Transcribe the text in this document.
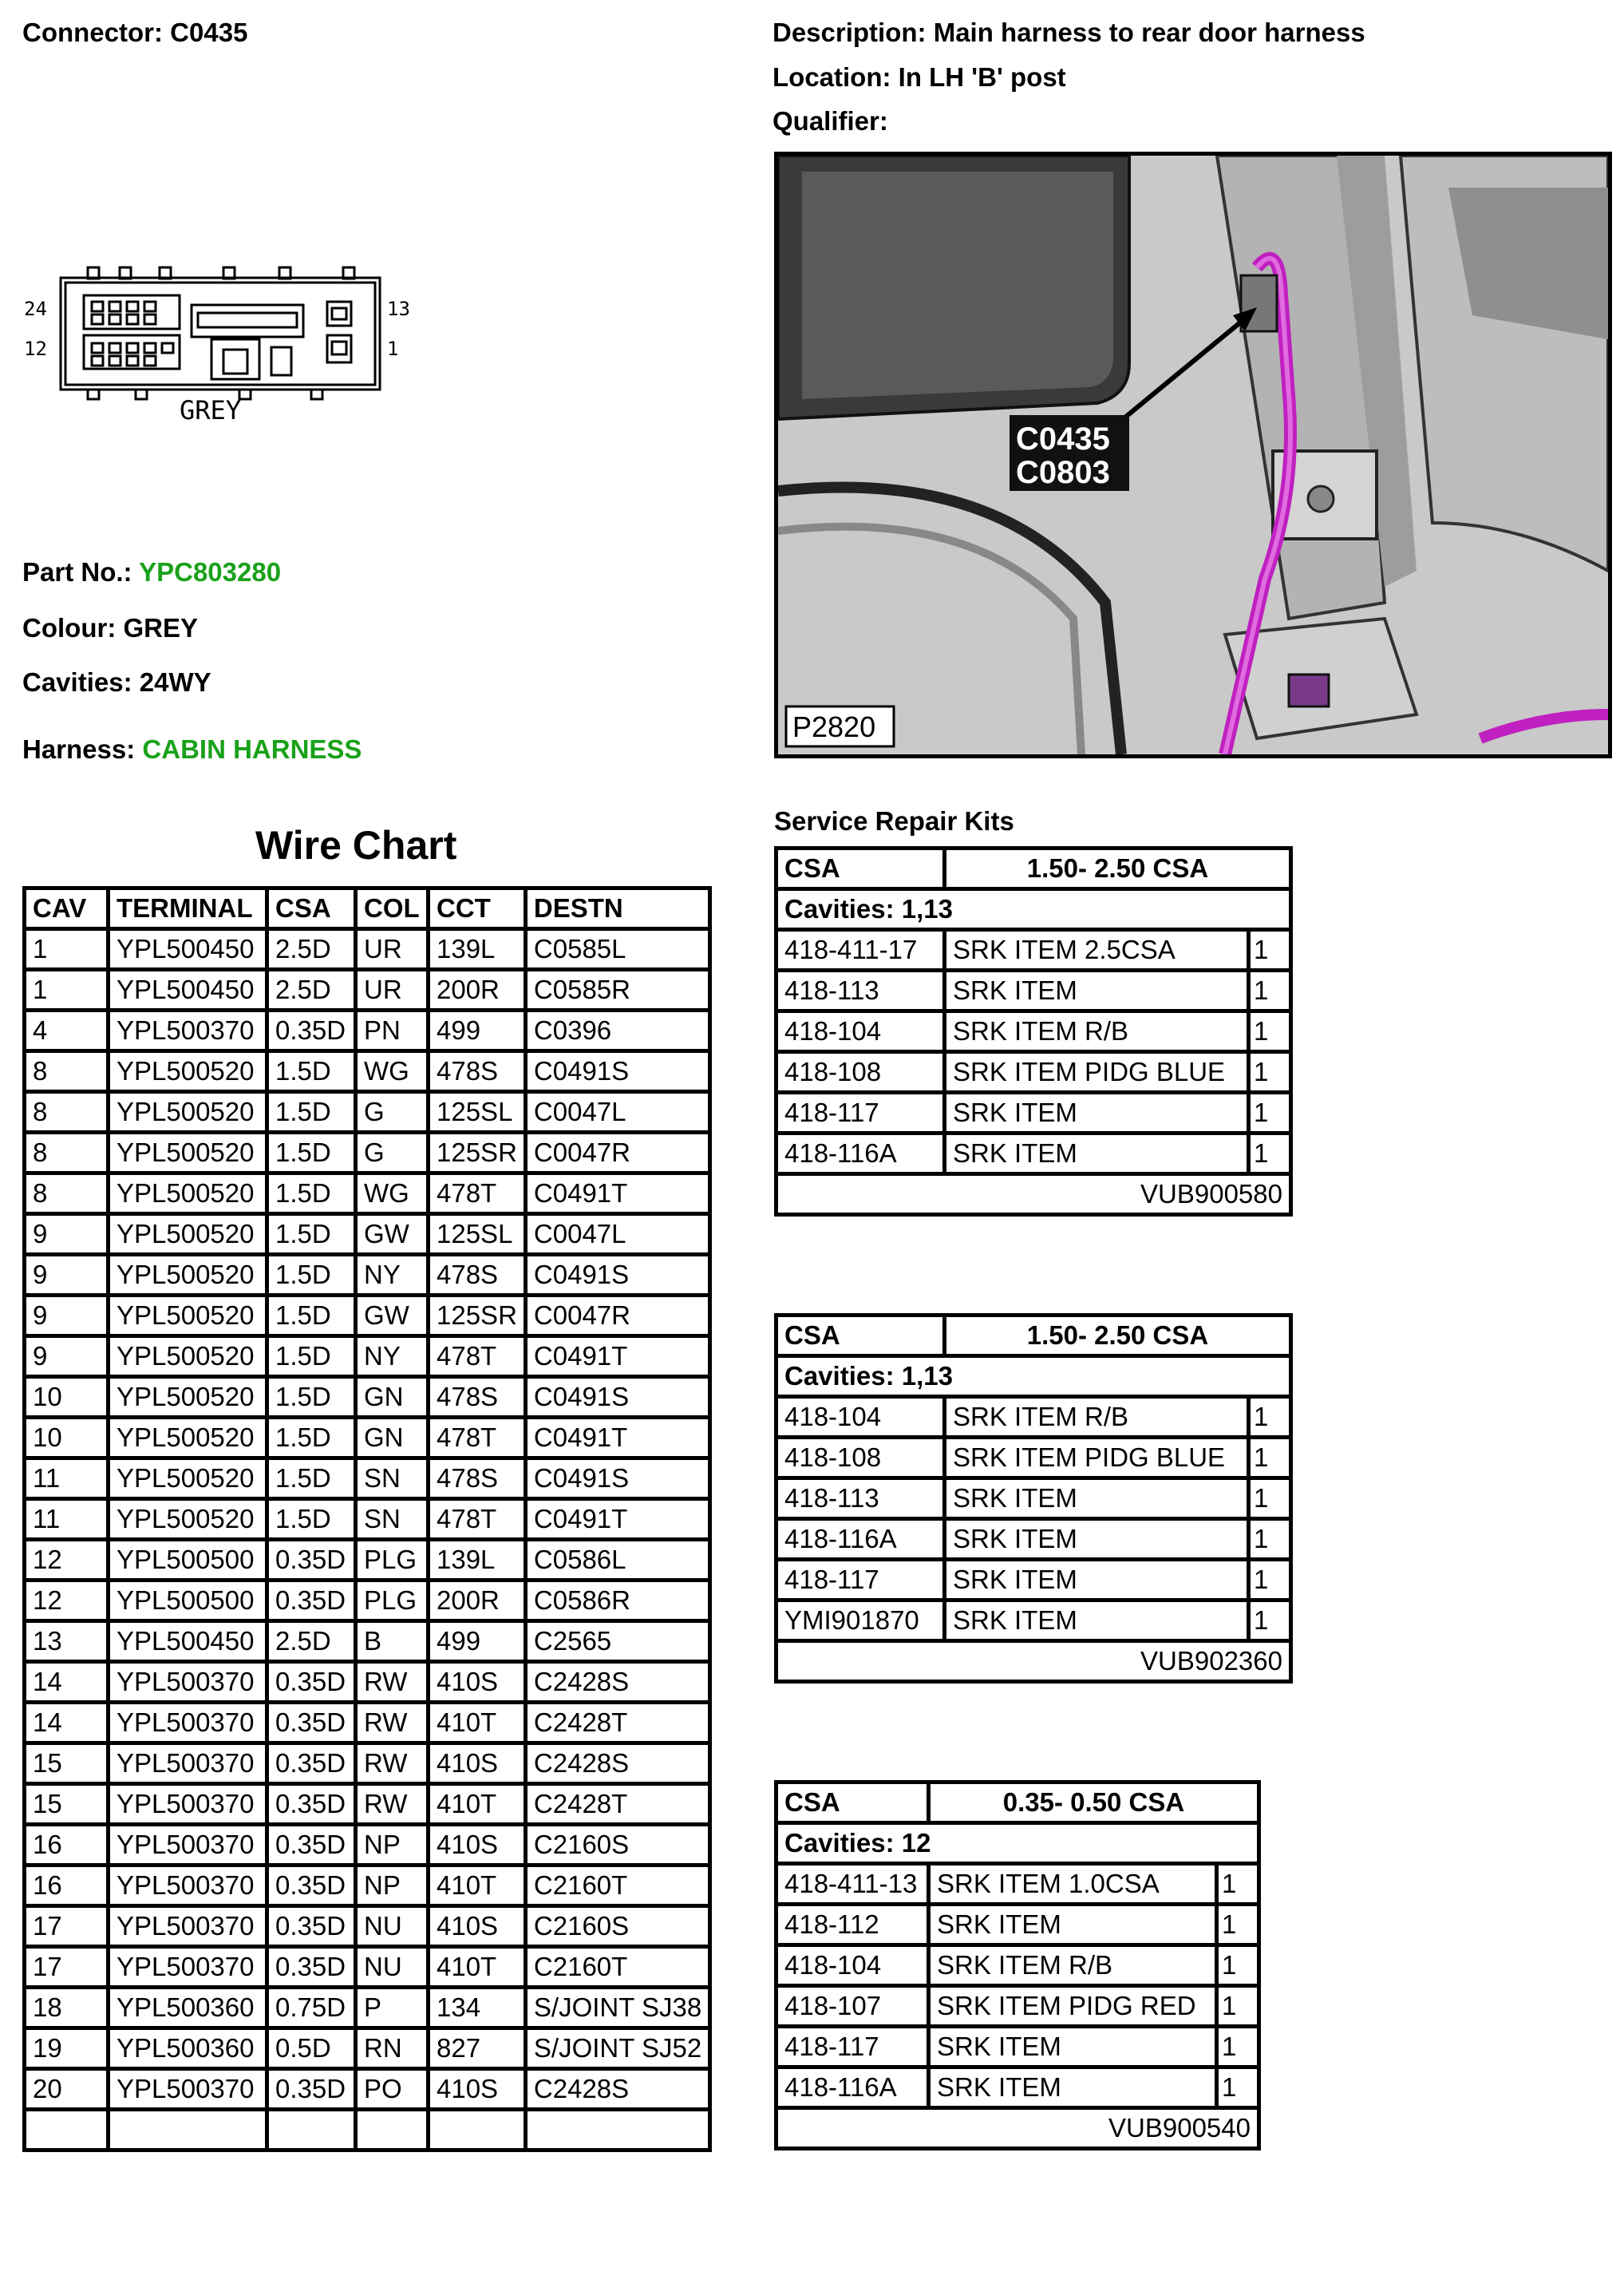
Connector: C0435	Description: Main harness to rear door harness
Location: In LH 'B' post
Qualifier:
24
12
13
1
GREY
C0435
C0803
P2820
Part No.: YPC803280
Colour: GREY
Cavities: 24WY
Harness: CABIN HARNESS
Wire Chart
CAV	TERMINAL	CSA	COL	CCT	DESTN
1	YPL500450	2.5D	UR	139L	C0585L
1	YPL500450	2.5D	UR	200R	C0585R
4	YPL500370	0.35D	PN	499	C0396
8	YPL500520	1.5D	WG	478S	C0491S
8	YPL500520	1.5D	G	125SL	C0047L
8	YPL500520	1.5D	G	125SR	C0047R
8	YPL500520	1.5D	WG	478T	C0491T
9	YPL500520	1.5D	GW	125SL	C0047L
9	YPL500520	1.5D	NY	478S	C0491S
9	YPL500520	1.5D	GW	125SR	C0047R
9	YPL500520	1.5D	NY	478T	C0491T
10	YPL500520	1.5D	GN	478S	C0491S
10	YPL500520	1.5D	GN	478T	C0491T
11	YPL500520	1.5D	SN	478S	C0491S
11	YPL500520	1.5D	SN	478T	C0491T
12	YPL500500	0.35D	PLG	139L	C0586L
12	YPL500500	0.35D	PLG	200R	C0586R
13	YPL500450	2.5D	B	499	C2565
14	YPL500370	0.35D	RW	410S	C2428S
14	YPL500370	0.35D	RW	410T	C2428T
15	YPL500370	0.35D	RW	410S	C2428S
15	YPL500370	0.35D	RW	410T	C2428T
16	YPL500370	0.35D	NP	410S	C2160S
16	YPL500370	0.35D	NP	410T	C2160T
17	YPL500370	0.35D	NU	410S	C2160S
17	YPL500370	0.35D	NU	410T	C2160T
18	YPL500360	0.75D	P	134	S/JOINT SJ38
19	YPL500360	0.5D	RN	827	S/JOINT SJ52
20	YPL500370	0.35D	PO	410S	C2428S

Service Repair Kits
CSA	1.50- 2.50 CSA	
Cavities: 1,13		
418-411-17	SRK ITEM 2.5CSA	1
418-113	SRK ITEM	1
418-104	SRK ITEM R/B	1
418-108	SRK ITEM PIDG BLUE	1
418-117	SRK ITEM	1
418-116A	SRK ITEM	1
VUB900580		
CSA	1.50- 2.50 CSA	
Cavities: 1,13		
418-104	SRK ITEM R/B	1
418-108	SRK ITEM PIDG BLUE	1
418-113	SRK ITEM	1
418-116A	SRK ITEM	1
418-117	SRK ITEM	1
YMI901870	SRK ITEM	1
VUB902360		
CSA	0.35- 0.50 CSA	
Cavities: 12		
418-411-13	SRK ITEM 1.0CSA	1
418-112	SRK ITEM	1
418-104	SRK ITEM R/B	1
418-107	SRK ITEM PIDG RED	1
418-117	SRK ITEM	1
418-116A	SRK ITEM	1
VUB900540		
